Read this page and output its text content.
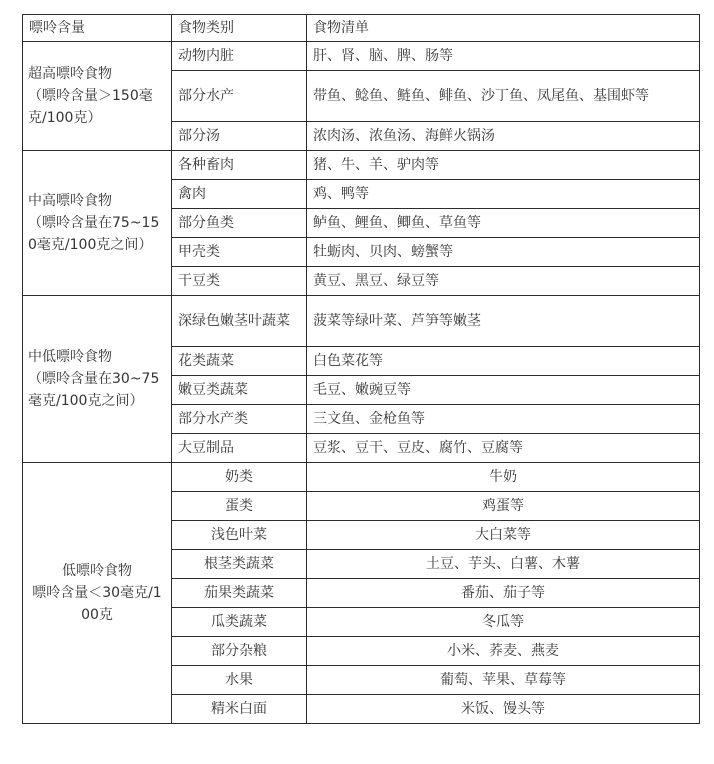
嘌呤含量	食物类别	食物清单

超高嘌呤食物
（嘌呤含量＞150毫克/100克）	动物内脏	肝、肾、脑、脾、肠等
	部分水产	带鱼、鲶鱼、鲢鱼、鲱鱼、沙丁鱼、凤尾鱼、基围虾等
	部分汤	浓肉汤、浓鱼汤、海鲜火锅汤

中高嘌呤食物
（嘌呤含量在75~150毫克/100克之间）	各种畜肉	猪、牛、羊、驴肉等
	禽肉	鸡、鸭等
	部分鱼类	鲈鱼、鲤鱼、鲫鱼、草鱼等
	甲壳类	牡蛎肉、贝肉、螃蟹等
	干豆类	黄豆、黑豆、绿豆等

中低嘌呤食物
（嘌呤含量在30~75毫克/100克之间）	深绿色嫩茎叶蔬菜	菠菜等绿叶菜、芦笋等嫩茎
	花类蔬菜	白色菜花等
	嫩豆类蔬菜	毛豆、嫩豌豆等
	部分水产类	三文鱼、金枪鱼等
	大豆制品	豆浆、豆干、豆皮、腐竹、豆腐等

低嘌呤食物
嘌呤含量＜30毫克/100克	奶类	牛奶
	蛋类	鸡蛋等
	浅色叶菜	大白菜等
	根茎类蔬菜	土豆、芋头、白薯、木薯
	茄果类蔬菜	番茄、茄子等
	瓜类蔬菜	冬瓜等
	部分杂粮	小米、荞麦、燕麦
	水果	葡萄、苹果、草莓等
	精米白面	米饭、馒头等
